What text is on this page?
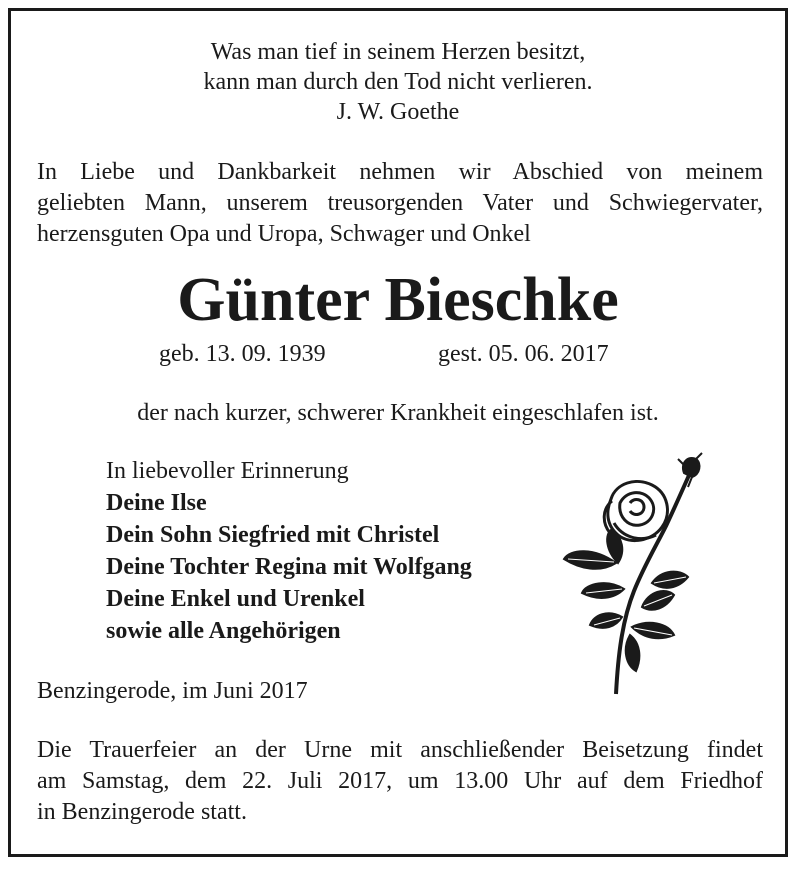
Was man tief in seinem Herzen besitzt,

kann man durch den Tod nicht verlieren.

J. W. Goethe

In Liebe und Dankbarkeit nehmen wir Abschied von meinem

geliebten Mann, unserem treusorgenden Vater und Schwiegervater,

herzensguten Opa und Uropa, Schwager und Onkel

Günter Bieschke

geb. 13. 09. 1939	gest. 05. 06. 2017

der nach kurzer, schwerer Krankheit eingeschlafen ist.

In liebevoller Erinnerung

Deine Ilse

Dein Sohn Siegfried mit Christel

Deine Tochter Regina mit Wolfgang

Deine Enkel und Urenkel

sowie alle Angehörigen

Benzingerode, im Juni 2017

Die Trauerfeier an der Urne mit anschließender Beisetzung findet

am Samstag, dem 22. Juli 2017, um 13.00 Uhr auf dem Friedhof

in Benzingerode statt.
